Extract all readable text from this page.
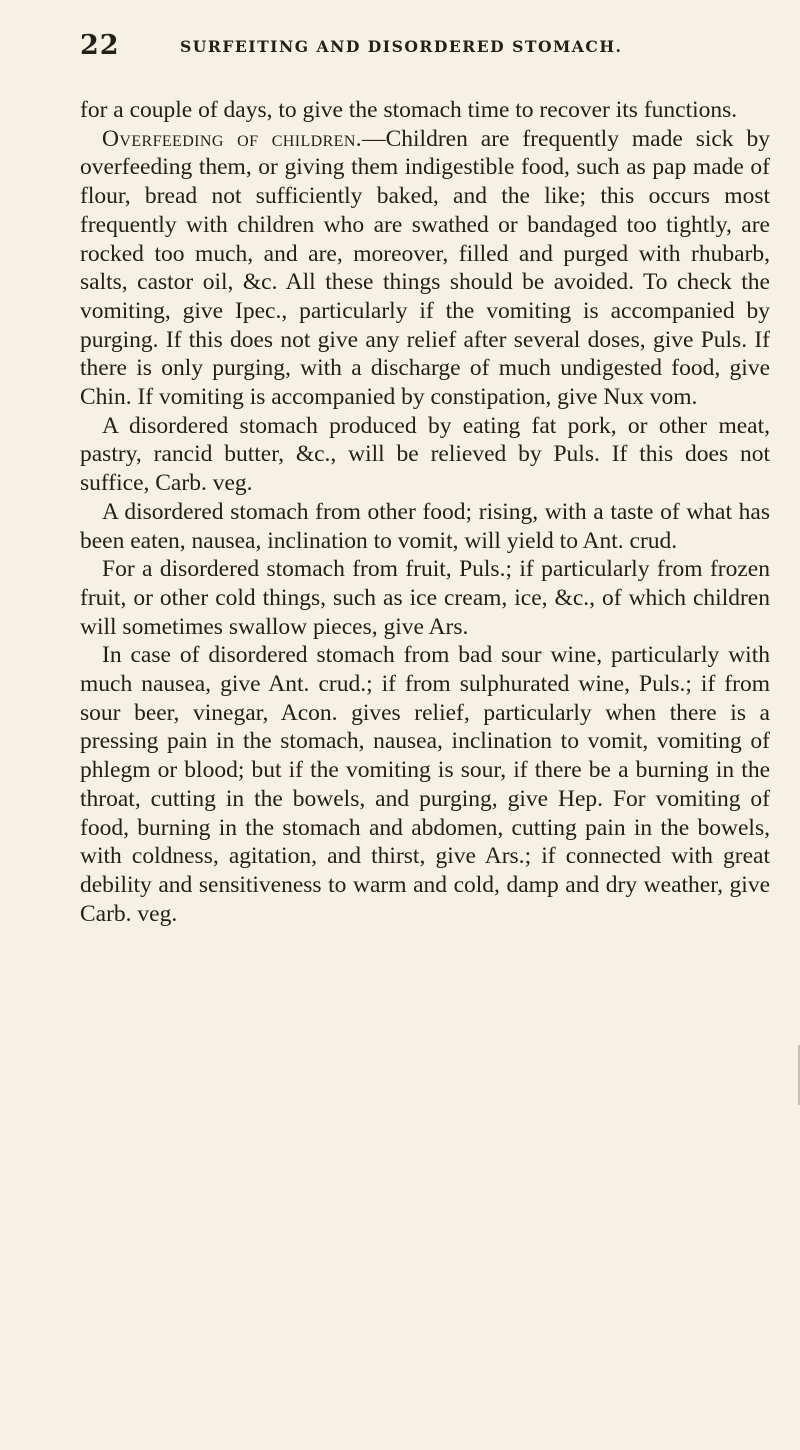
22	SURFEITING AND DISORDERED STOMACH.

for a couple of days, to give the stomach time to recover its functions.

Overfeeding of children.—Children are frequently made sick by overfeeding them, or giving them indigestible food, such as pap made of flour, bread not sufficiently baked, and the like; this occurs most frequently with children who are swathed or bandaged too tightly, are rocked too much, and are, moreover, filled and purged with rhubarb, salts, castor oil, &c. All these things should be avoided. To check the vomiting, give Ipec., particularly if the vomiting is accompanied by purging. If this does not give any relief after several doses, give Puls. If there is only purging, with a discharge of much undigested food, give Chin. If vomiting is accompanied by constipation, give Nux vom.

A disordered stomach produced by eating fat pork, or other meat, pastry, rancid butter, &c., will be relieved by Puls. If this does not suffice, Carb. veg.

A disordered stomach from other food; rising, with a taste of what has been eaten, nausea, inclination to vomit, will yield to Ant. crud.

For a disordered stomach from fruit, Puls.; if particularly from frozen fruit, or other cold things, such as ice cream, ice, &c., of which children will sometimes swallow pieces, give Ars.

In case of disordered stomach from bad sour wine, particularly with much nausea, give Ant. crud.; if from sulphurated wine, Puls.; if from sour beer, vinegar, Acon. gives relief, particularly when there is a pressing pain in the stomach, nausea, inclination to vomit, vomiting of phlegm or blood; but if the vomiting is sour, if there be a burning in the throat, cutting in the bowels, and purging, give Hep. For vomiting of food, burning in the stomach and abdomen, cutting pain in the bowels, with coldness, agitation, and thirst, give Ars.; if connected with great debility and sensitiveness to warm and cold, damp and dry weather, give Carb. veg.
